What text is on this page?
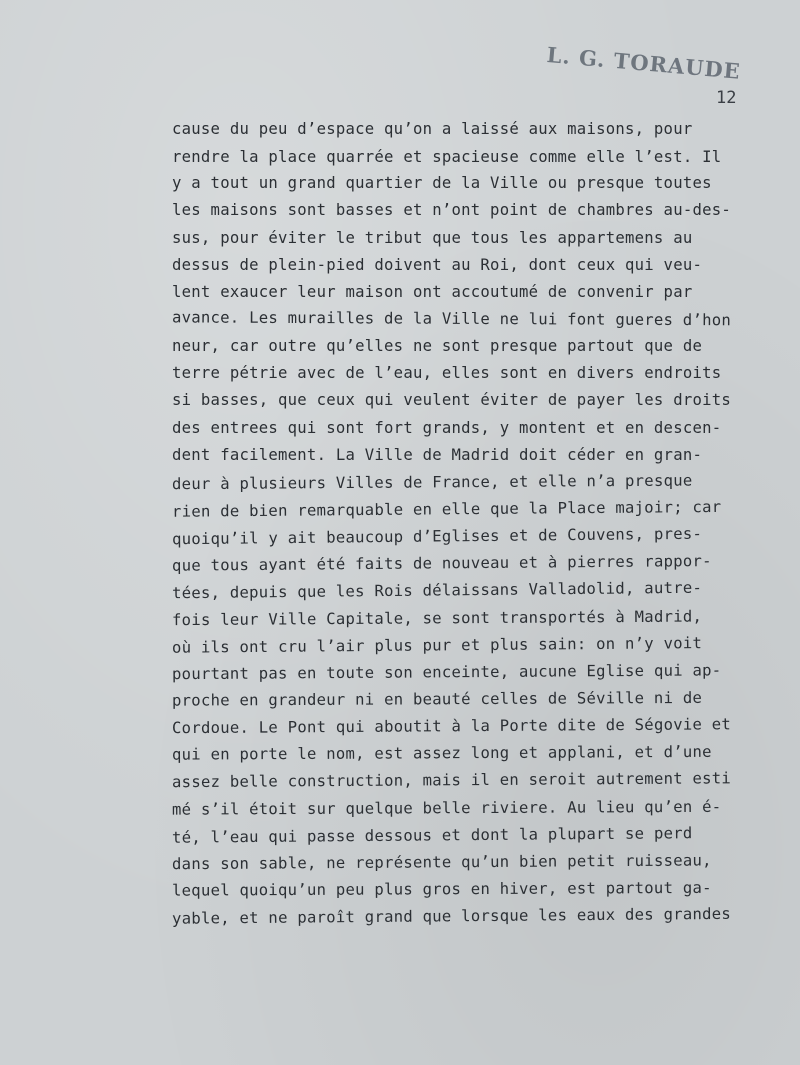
L. G. TORAUDE
12
cause du peu d’espace qu’on a laissé aux maisons, pour
rendre la place quarrée et spacieuse comme elle l’est. Il
y a tout un grand quartier de la Ville ou presque toutes
les maisons sont basses et n’ont point de chambres au-des-
sus, pour éviter le tribut que tous les appartemens au
dessus de plein-pied doivent au Roi, dont ceux qui veu-
lent exaucer leur maison ont accoutumé de convenir par
avance. Les murailles de la Ville ne lui font gueres d’hon
neur, car outre qu’elles ne sont presque partout que de
terre pétrie avec de l’eau, elles sont en divers endroits
si basses, que ceux qui veulent éviter de payer les droits
des entrees qui sont fort grands, y montent et en descen-
dent facilement. La Ville de Madrid doit céder en gran-
deur à plusieurs Villes de France, et elle n’a presque
rien de bien remarquable en elle que la Place majoir; car
quoiqu’il y ait beaucoup d’Eglises et de Couvens, pres-
que tous ayant été faits de nouveau et à pierres rappor-
tées, depuis que les Rois délaissans Valladolid, autre-
fois leur Ville Capitale, se sont transportés à Madrid,
où ils ont cru l’air plus pur et plus sain: on n’y voit
pourtant pas en toute son enceinte, aucune Eglise qui ap-
proche en grandeur ni en beauté celles de Séville ni de
Cordoue. Le Pont qui aboutit à la Porte dite de Ségovie et
qui en porte le nom, est assez long et applani, et d’une
assez belle construction, mais il en seroit autrement esti
mé s’il étoit sur quelque belle riviere. Au lieu qu’en é-
té, l’eau qui passe dessous et dont la plupart se perd
dans son sable, ne représente qu’un bien petit ruisseau,
lequel quoiqu’un peu plus gros en hiver, est partout ga-
yable, et ne paroît grand que lorsque les eaux des grandes
